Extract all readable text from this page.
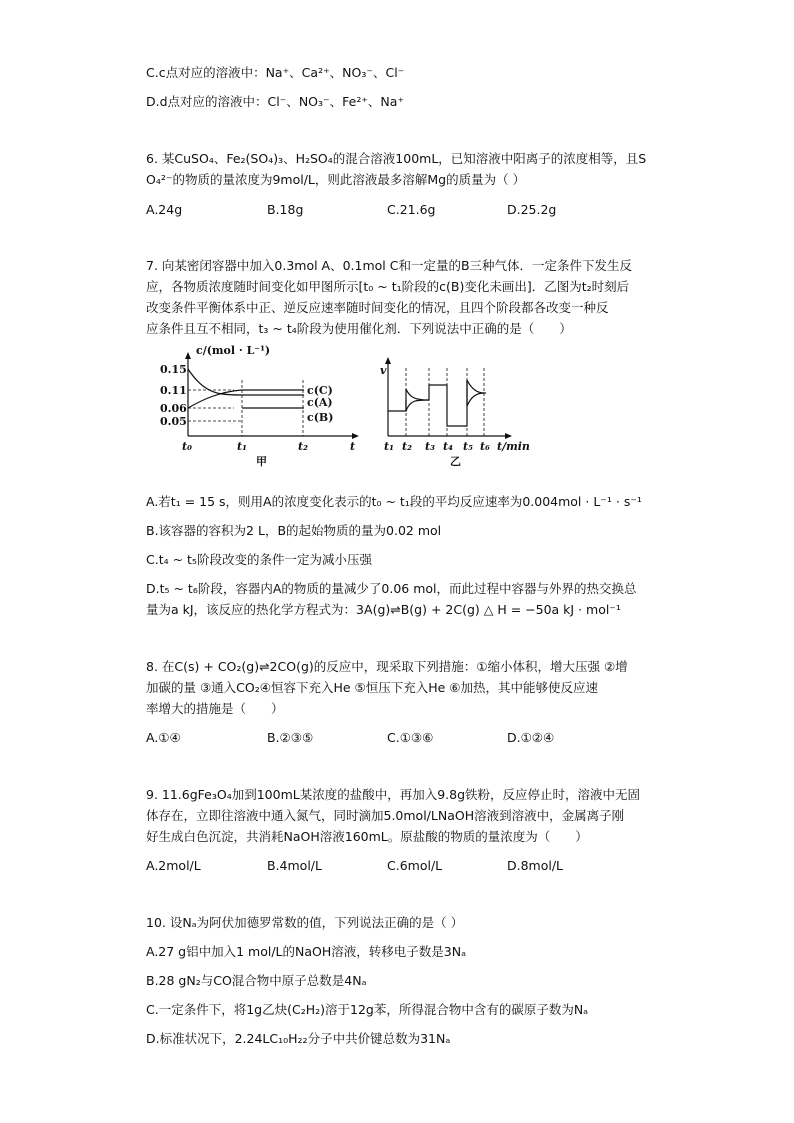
C.c点对应的溶液中：Na⁺、Ca²⁺、NO₃⁻、Cl⁻
D.d点对应的溶液中：Cl⁻、NO₃⁻、Fe²⁺、Na⁺
6. 某CuSO₄、Fe₂(SO₄)₃、H₂SO₄的混合溶液100mL，已知溶液中阳离子的浓度相等，且S
O₄²⁻的物质的量浓度为9mol/L，则此溶液最多溶解Mg的质量为（ ）
A.24g	B.18g	C.21.6g	D.25.2g
7. 向某密闭容器中加入0.3mol A、0.1mol C和一定量的B三种气体．一定条件下发生反
应，各物质浓度随时间变化如甲图所示[t₀ ~ t₁阶段的c(B)变化未画出]．乙图为t₂时刻后
改变条件平衡体系中正、逆反应速率随时间变化的情况，且四个阶段都各改变一种反
应条件且互不相同，t₃ ~ t₄阶段为使用催化剂．下列说法中正确的是（　　）
c/(mol · L⁻¹)
0.15
0.11
0.06
0.05
c(C)
c(A)
c(B)
t₀	t₁	t₂	t
甲
v
t₁ t₂ t₃ t₄ t₅ t₆ t/min
乙
A.若t₁ = 15 s，则用A的浓度变化表示的t₀ ~ t₁段的平均反应速率为0.004mol · L⁻¹ · s⁻¹
B.该容器的容积为2 L，B的起始物质的量为0.02 mol
C.t₄ ~ t₅阶段改变的条件一定为减小压强
D.t₅ ~ t₆阶段，容器内A的物质的量减少了0.06 mol，而此过程中容器与外界的热交换总
量为a kJ，该反应的热化学方程式为：3A(g)⇌B(g) + 2C(g) △ H = −50a kJ · mol⁻¹
8. 在C(s) + CO₂(g)⇌2CO(g)的反应中，现采取下列措施：①缩小体积，增大压强 ②增
加碳的量 ③通入CO₂④恒容下充入He ⑤恒压下充入He ⑥加热，其中能够使反应速
率增大的措施是（　　）
A.①④	B.②③⑤	C.①③⑥	D.①②④
9. 11.6gFe₃O₄加到100mL某浓度的盐酸中，再加入9.8g铁粉，反应停止时，溶液中无固
体存在，立即往溶液中通入氮气，同时滴加5.0mol/LNaOH溶液到溶液中，金属离子刚
好生成白色沉淀，共消耗NaOH溶液160mL。原盐酸的物质的量浓度为（　　）
A.2mol/L	B.4mol/L	C.6mol/L	D.8mol/L
10. 设Nₐ为阿伏加德罗常数的值，下列说法正确的是（ ）
A.27 g铝中加入1 mol/L的NaOH溶液，转移电子数是3Nₐ
B.28 gN₂与CO混合物中原子总数是4Nₐ
C.一定条件下，将1g乙炔(C₂H₂)溶于12g苯，所得混合物中含有的碳原子数为Nₐ
D.标准状况下，2.24LC₁₀H₂₂分子中共价键总数为31Nₐ
